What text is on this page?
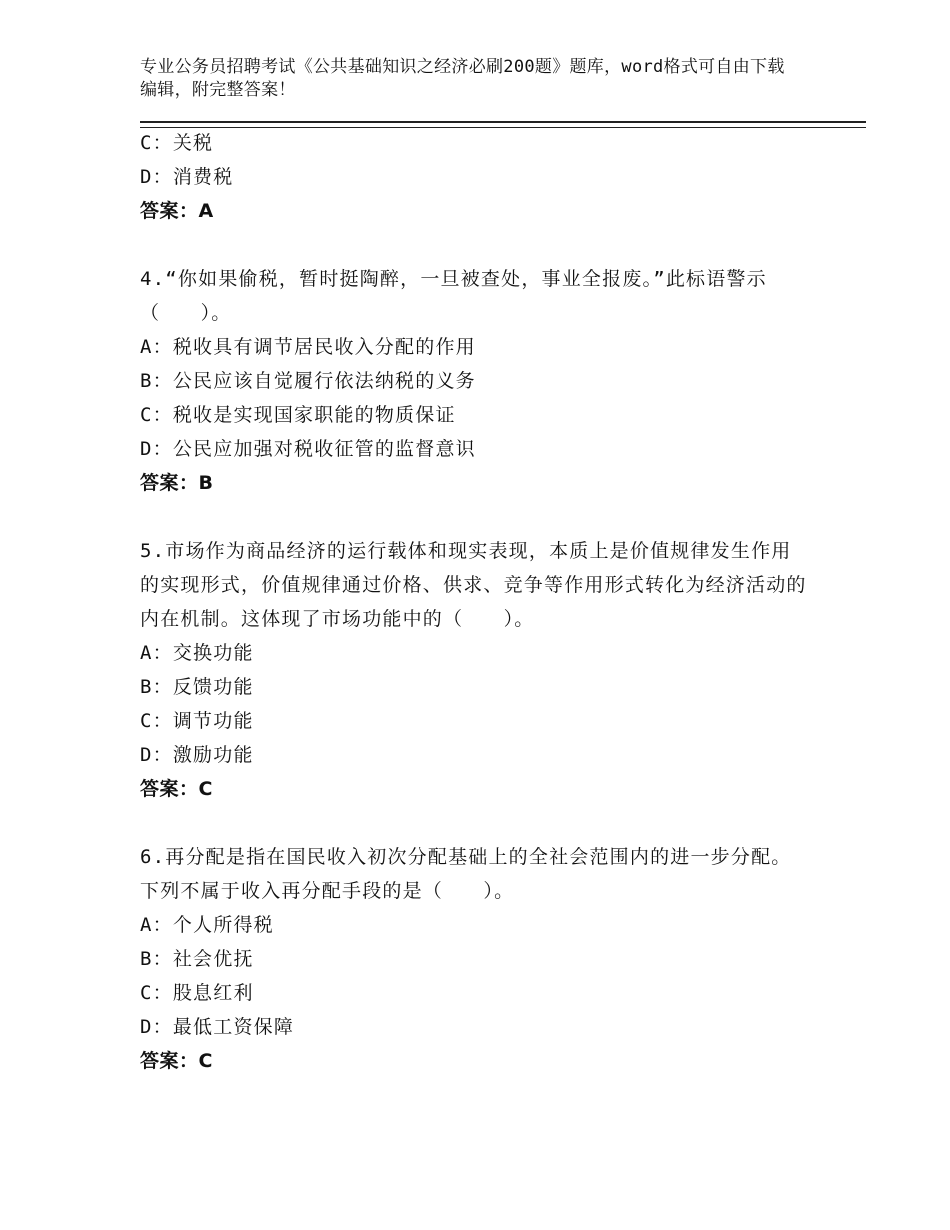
专业公务员招聘考试《公共基础知识之经济必刷200题》题库，word格式可自由下载编辑，附完整答案！
C：关税
D：消费税
答案：A
4.“你如果偷税，暂时挺陶醉，一旦被查处，事业全报废。”此标语警示（　　）。
A：税收具有调节居民收入分配的作用
B：公民应该自觉履行依法纳税的义务
C：税收是实现国家职能的物质保证
D：公民应加强对税收征管的监督意识
答案：B
5.市场作为商品经济的运行载体和现实表现，本质上是价值规律发生作用的实现形式，价值规律通过价格、供求、竞争等作用形式转化为经济活动的内在机制。这体现了市场功能中的（　　）。
A：交换功能
B：反馈功能
C：调节功能
D：激励功能
答案：C
6.再分配是指在国民收入初次分配基础上的全社会范围内的进一步分配。下列不属于收入再分配手段的是（　　）。
A：个人所得税
B：社会优抚
C：股息红利
D：最低工资保障
答案：C
